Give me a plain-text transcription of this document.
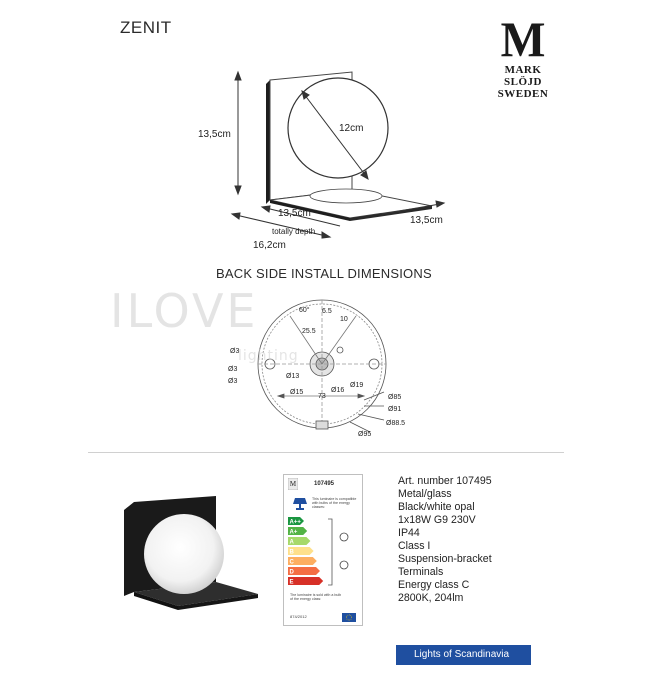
ZENIT	M
MARK
SLÖJD
SWEDEN
13,5cm
12cm
13,5cm
13,5cm
totally depth
16,2cm
BACK SIDE INSTALL DIMENSIONS
Ø3
Ø3
Ø3
Ø13
Ø15	Ø16
Ø19
Ø85
Ø91
Ø88.5
Ø95
73
25.5
10
6.5
60°
ILOVE
lighting
M	107495
This luminaire is compatible with bulbs of the energy classes:
A++
A+
A
B
C
D
E
The luminaire is sold with a bulb of the energy class:
874/2012
Art. number 107495
Metal/glass
Black/white opal
1x18W G9 230V
IP44
Class I
Suspension-bracket
Terminals
Energy class C
2800K, 204lm
Lights of Scandinavia
